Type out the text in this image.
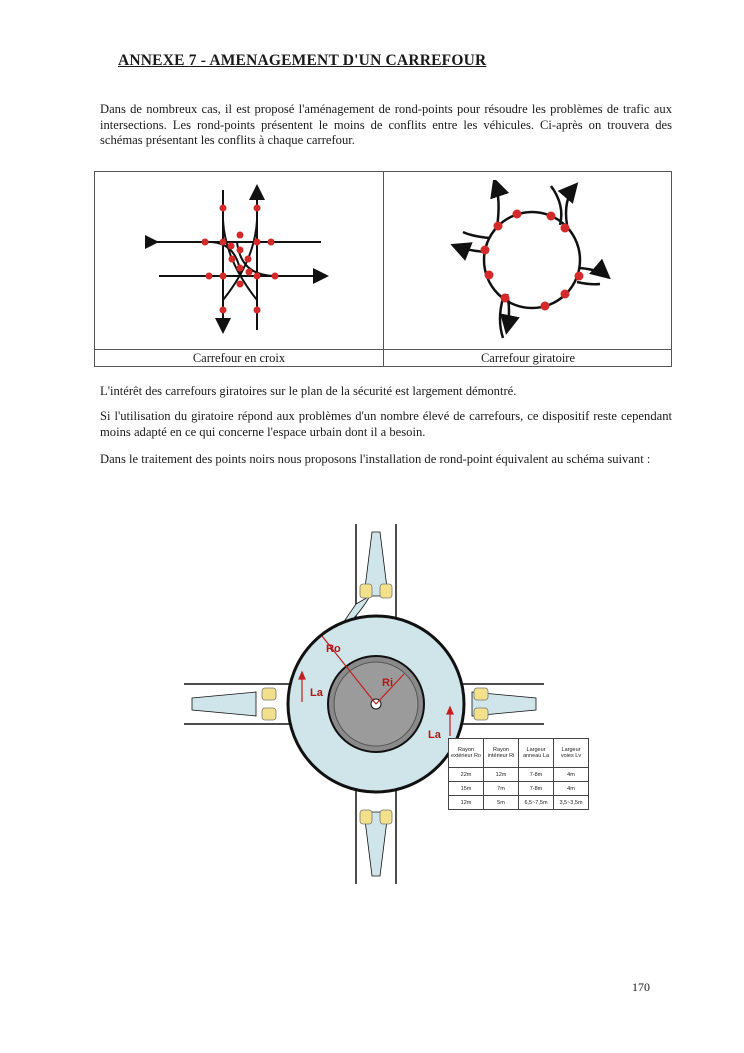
ANNEXE 7 - AMENAGEMENT D'UN CARREFOUR
Dans de nombreux cas, il est proposé l'aménagement de rond-points pour résoudre les problèmes de trafic aux intersections. Les rond-points présentent le moins de conflits entre les véhicules. Ci-après on trouvera des schémas présentant les conflits à chaque carrefour.
Carrefour en croix	Carrefour giratoire
L'intérêt des carrefours giratoires sur le plan de la sécurité est largement démontré.
Si l'utilisation du giratoire répond aux problèmes d'un nombre élevé de carrefours, ce dispositif reste cependant moins adapté en ce qui concerne l'espace urbain dont il a besoin.
Dans le traitement des points noirs nous proposons l'installation de rond-point équivalent au schéma suivant :
Ro
Ri
La
La
Rayon extérieur Ro	Rayon intérieur Ri	Largeur anneau La	Largeur voies Lv
22m	12m	7-8m	4m
15m	7m	7-8m	4m
12m	5m	6,5~7,5m	3,5~3,5m
170
